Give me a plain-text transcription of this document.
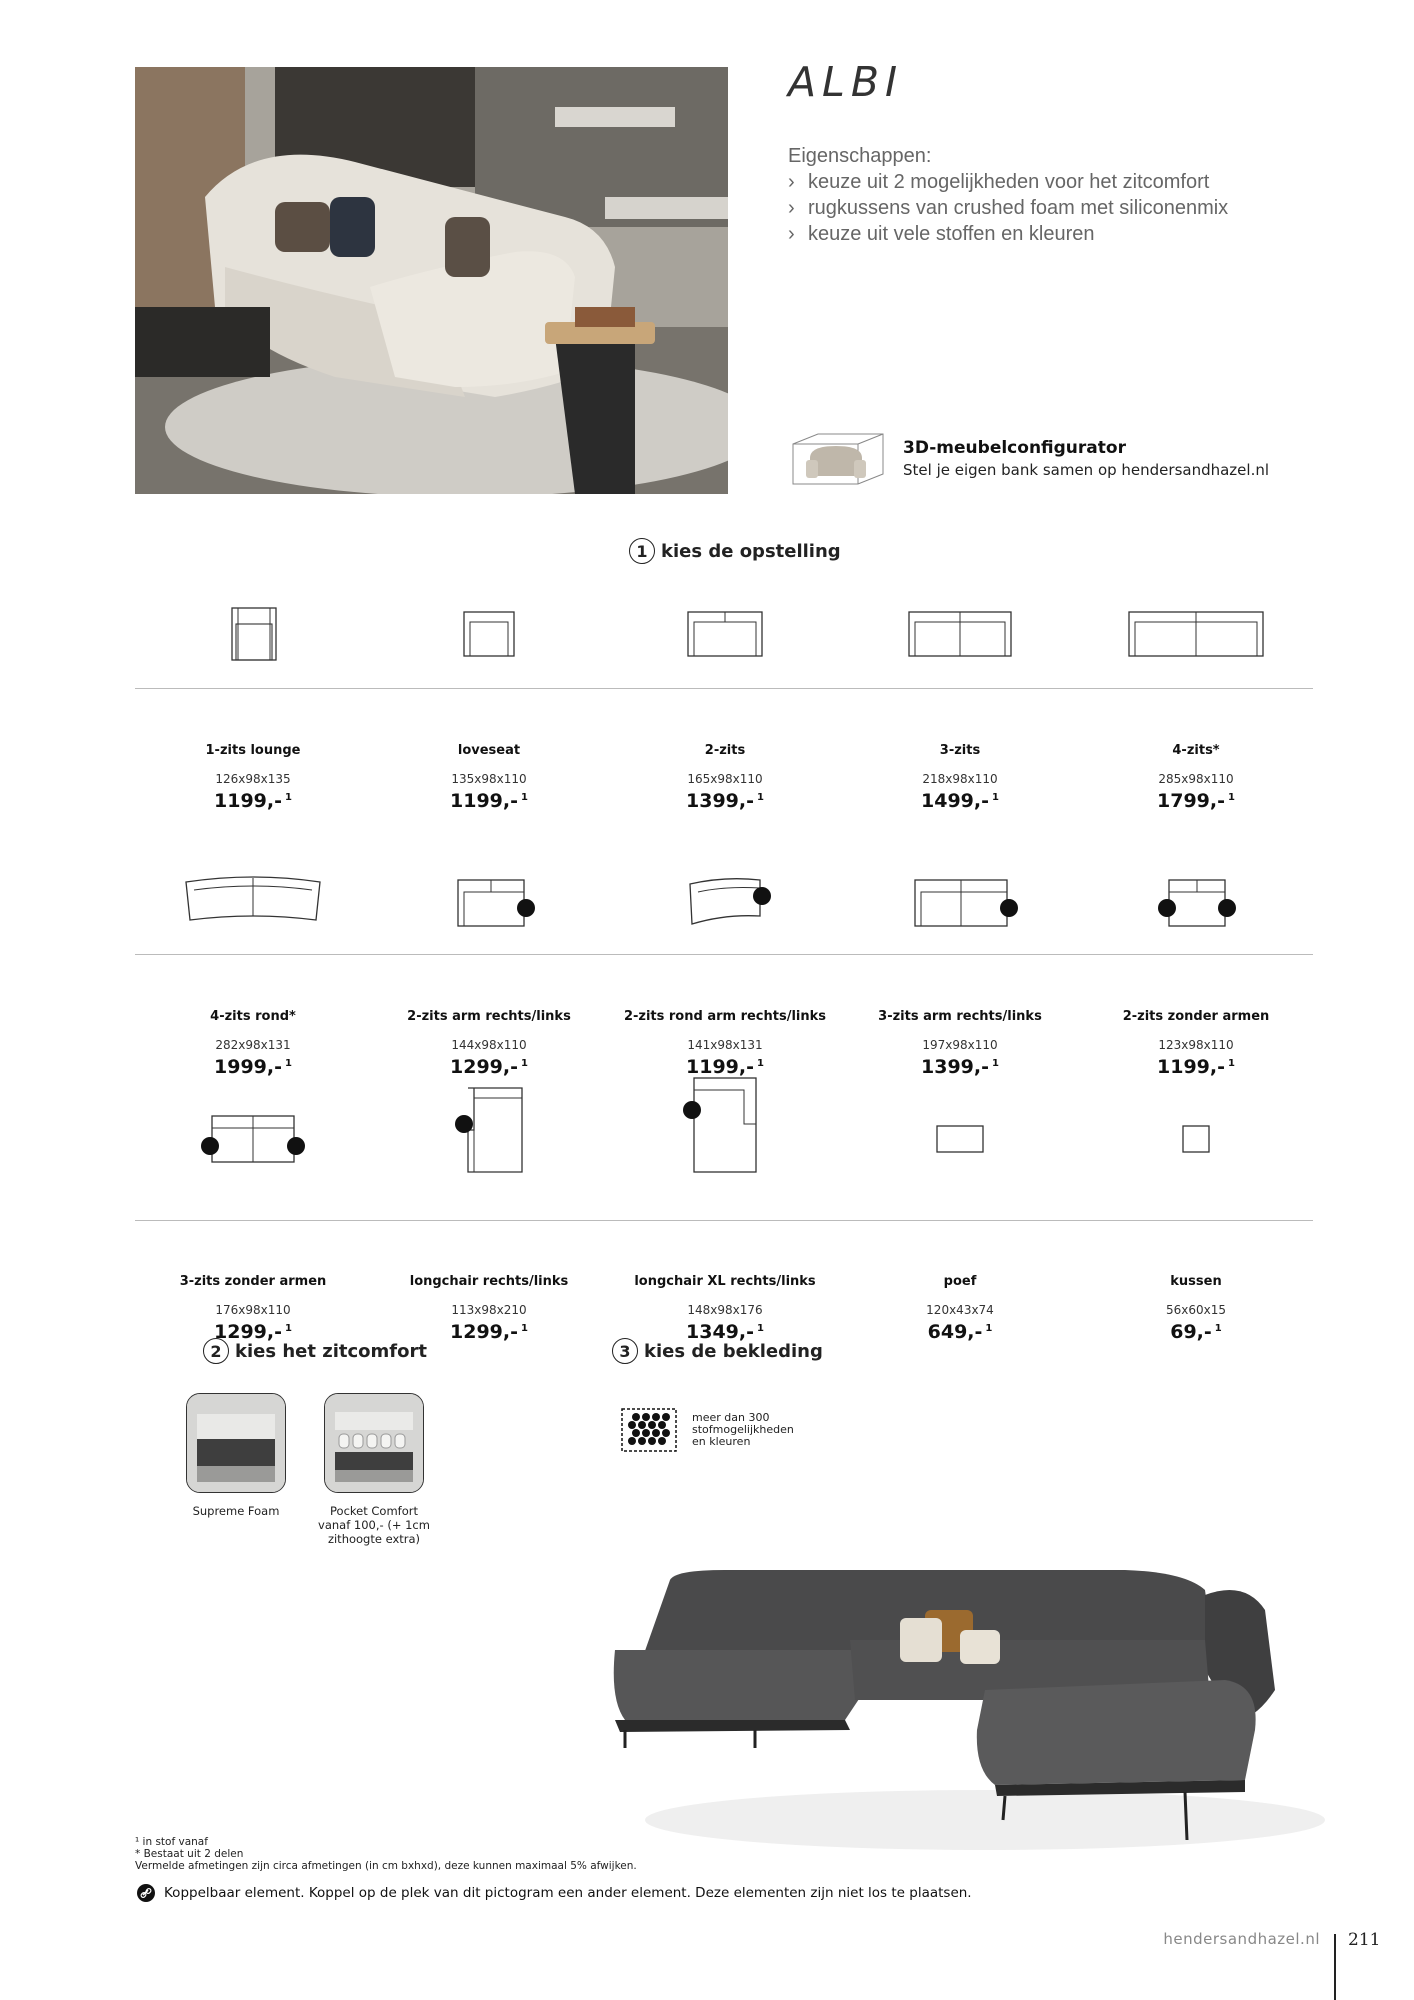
ALBI
Eigenschappen:
› keuze uit 2 mogelijkheden voor het zitcomfort
› rugkussens van crushed foam met siliconenmix
› keuze uit vele stoffen en kleuren
3D-meubelconfigurator
Stel je eigen bank samen op hendersandhazel.nl
1 kies de opstelling
1-zits lounge
126x98x135
1199,- $^1$
loveseat
135x98x110
1199,- $^1$
2-zits
165x98x110
1399,- $^1$
3-zits
218x98x110
1499,- $^1$
4-zits*
285x98x110
1799,- $^1$
4-zits rond*
282x98x131
1999,- $^1$
2-zits arm rechts/links
144x98x110
1299,- $^1$
2-zits rond arm rechts/links
141x98x131
1199,- $^1$
3-zits arm rechts/links
197x98x110
1399,- $^1$
2-zits zonder armen
123x98x110
1199,- $^1$
3-zits zonder armen
176x98x110
1299,- $^1$
longchair rechts/links
113x98x210
1299,- $^1$
longchair XL rechts/links
148x98x176
1349,- $^1$
poef
120x43x74
649,- $^1$
kussen
56x60x15
69,- $^1$
2 kies het zitcomfort	3 kies de bekleding
Supreme Foam	Pocket Comfort
vanaf 100,- (+ 1cm
zithoogte extra)
meer dan 300
stofmogelijkheden
en kleuren
¹ in stof vanaf
* Bestaat uit 2 delen
Vermelde afmetingen zijn circa afmetingen (in cm bxhxd), deze kunnen maximaal 5% afwijken.
Koppelbaar element. Koppel op de plek van dit pictogram een ander element. Deze elementen zijn niet los te plaatsen.
hendersandhazel.nl 211
